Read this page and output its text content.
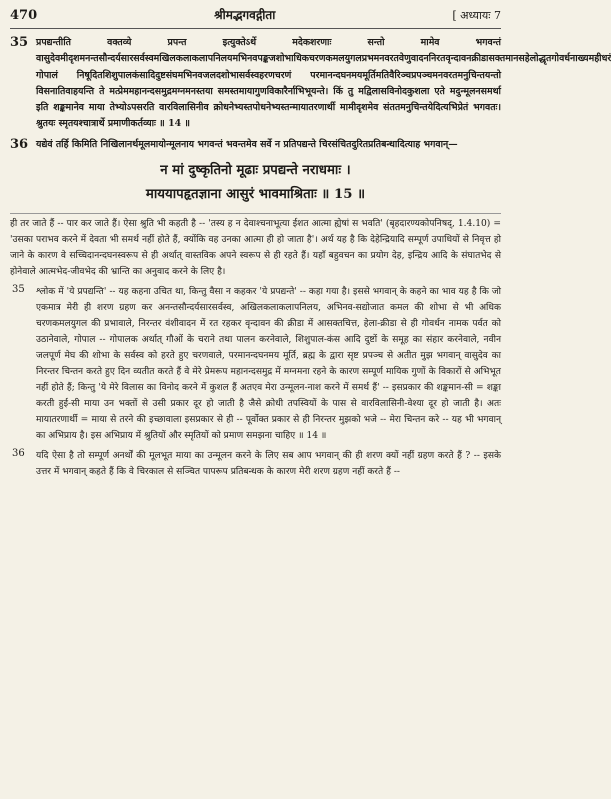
470	श्रीमद्भगवद्गीता	[ अध्यायः 7
35 प्रपद्यन्तीति वक्तव्ये प्रपन्त इत्युक्तेऽर्थे मदेकशरणाः सन्तो मामेव भगवन्तं वासुदेवमीदृशमनन्तसौन्दर्यसारसर्वस्वमखिलकलाकलापनिलयमभिनवपङ्कजशोभाधिकचरणकमलयुगलप्रभमनवरतवेणुवादननिरतवृन्दावनक्रीडासक्तमानसहेलोद्धृतगोवर्धनाख्यमहीधरं गोपालं निषूदितशिशुपालकंसादिदुष्टसंघमभिनवजलदशोभासर्वस्वहरणचरणं परमानन्दघनमयमूर्तिमतिवैरिञ्चप्रपञ्चमनवरतमनुचिन्तयन्तो विसनातिवाहयन्ति ते मत्प्रेममहानन्दसमुद्रमग्नमनस्तया समस्तमायागुणविकारैर्नाभिभूयन्ते। किं तु मद्विलासविनोदकुशला एते मदुन्मूलनसमर्था इति शङ्कमानेव माया तेभ्योऽपसरति वारविलासिनीव क्रोधनेभ्यस्तपोधनेभ्यस्तन्मायातरणार्थी मामीदृशमेव संततमनुचिन्तयेदित्यभिप्रेतं भगवतः। श्रुतयः स्मृतयश्चात्रार्थे प्रमाणीकर्तव्याः ॥ 14 ॥
36 यद्येवं तर्हि किमिति निखिलानर्थमूलमायोन्मूलनाय भगवन्तं भवन्तमेव सर्वे न प्रतिपद्यन्ते चिरसंचितदुरितप्रतिबन्धादित्याह भगवान्—
न मां दुष्कृतिनो मूढाः प्रपद्यन्ते नराधमाः ।
माययापहृतज्ञाना आसुरं भावमाश्रिताः ॥ 15 ॥
ही तर जाते हैं -- पार कर जाते हैं। ऐसा श्रुति भी कहती है -- 'तस्य ह न देवाश्चनाभूत्या ईशत आत्मा ह्येषां स भवति' (बृहदारण्यकोपनिषद्, 1.4.10) = 'उसका पराभव करने में देवता भी समर्थ नहीं होते हैं, क्योंकि वह उनका आत्मा ही हो जाता है'। अर्थ यह है कि देहेन्द्रियादि सम्पूर्ण उपाधियों से निवृत्त हो जाने के कारण वे सच्चिदानन्दघनस्वरूप से ही अर्थात् वास्तविक अपने स्वरूप से ही रहते हैं। यहाँ बहुवचन का प्रयोग देह, इन्द्रिय आदि के संघातभेद से होनेवाले आत्मभेद-जीवभेद की भ्रान्ति का अनुवाद करने के लिए है।
35 श्लोक में 'ये प्रपद्यन्ति' -- यह कहना उचित था, किन्तु वैसा न कहकर 'ये प्रपद्यन्ते' -- कहा गया है। इससे भगवान् के कहने का भाव यह है कि जो एकमात्र मेरी ही शरण ग्रहण कर अनन्तसौन्दर्यसारसर्वस्व, अखिलकलाकलापनिलय, अभिनव-सद्योजात कमल की शोभा से भी अधिक चरणकमलयुगल की प्रभावाले, निरन्तर वंशीवादन में रत रहकर वृन्दावन की क्रीडा में आसक्तचित्त, हेला-क्रीडा से ही गोवर्धन नामक पर्वत को उठानेवाले, गोपाल -- गोपालक अर्थात् गौओं के चराने तथा पालन करनेवाले, शिशुपाल-कंस आदि दुष्टों के समूह का संहार करनेवाले, नवीन जलपूर्ण मेघ की शोभा के सर्वस्व को हरते हुए चरणवाले, परमानन्दघनमय मूर्ति, ब्रह्म के द्वारा सृष्ट प्रपञ्च से अतीत मुझ भगवान् वासुदेव का निरन्तर चिन्तन करते हुए दिन व्यतीत करते हैं वे मेरे प्रेमरूप महानन्दसमुद्र में मग्नमना रहने के कारण सम्पूर्ण मायिक गुणों के विकारों से अभिभूत नहीं होते हैं; किन्तु 'ये मेरे विलास का विनोद करने में कुशल हैं अतएव मेरा उन्मूलन-नाश करने में समर्थ हैं' -- इसप्रकार की शङ्कमान-सी = शङ्का करती हुई-सी माया उन भक्तों से उसी प्रकार दूर हो जाती है जैसे क्रोधी तपस्वियों के पास से वारविलासिनी-वेश्या दूर हो जाती है। अतः मायातरणार्थी = माया से तरने की इच्छावाला इसप्रकार से ही -- पूर्वोक्त प्रकार से ही निरन्तर मुझको भजे -- मेरा चिन्तन करे -- यह भी भगवान् का अभिप्राय है। इस अभिप्राय में श्रुतियों और स्मृतियों को प्रमाण समझना चाहिए ॥ 14 ॥
36 यदि ऐसा है तो सम्पूर्ण अनर्थों की मूलभूत माया का उन्मूलन करने के लिए सब आप भगवान् की ही शरण क्यों नहीं ग्रहण करते हैं ? -- इसके उत्तर में भगवान् कहते हैं कि वे चिरकाल से सञ्चित पापरूप प्रतिबन्धक के कारण मेरी शरण ग्रहण नहीं करते हैं --
